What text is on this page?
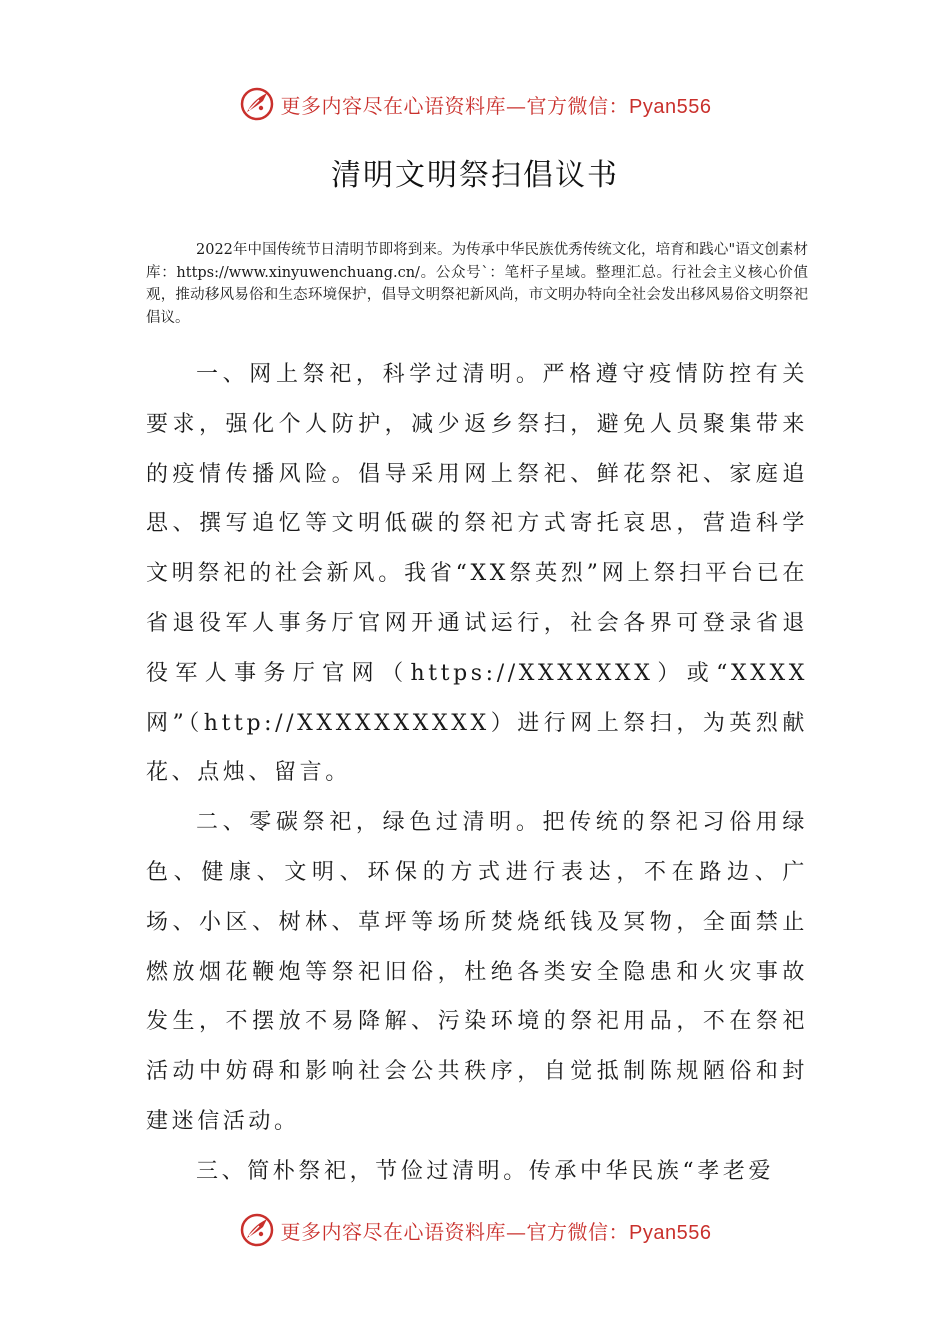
更多内容尽在心语资料库—官方微信：Pyan556
清明文明祭扫倡议书

2022年中国传统节日清明节即将到来。为传承中华民族优秀传统文化，培育和践心"语文创素材库：https://www.xinyuwenchuang.cn/。公众号`：笔杆子星域。整理汇总。行社会主义核心价值观，推动移风易俗和生态环境保护，倡导文明祭祀新风尚，市文明办特向全社会发出移风易俗文明祭祀倡议。

一、网上祭祀，科学过清明。严格遵守疫情防控有关要求，强化个人防护，减少返乡祭扫，避免人员聚集带来的疫情传播风险。倡导采用网上祭祀、鲜花祭祀、家庭追思、撰写追忆等文明低碳的祭祀方式寄托哀思，营造科学文明祭祀的社会新风。我省“XX祭英烈”网上祭扫平台已在省退役军人事务厅官网开通试运行，社会各界可登录省退役军人事务厅官网（https://XXXXXXX）或“XXXX网”（http://XXXXXXXXXX）进行网上祭扫，为英烈献花、点烛、留言。

二、零碳祭祀，绿色过清明。把传统的祭祀习俗用绿色、健康、文明、环保的方式进行表达，不在路边、广场、小区、树林、草坪等场所焚烧纸钱及冥物，全面禁止燃放烟花鞭炮等祭祀旧俗，杜绝各类安全隐患和火灾事故发生，不摆放不易降解、污染环境的祭祀用品，不在祭祀活动中妨碍和影响社会公共秩序，自觉抵制陈规陋俗和封建迷信活动。

三、简朴祭祀，节俭过清明。传承中华民族“孝老爱

更多内容尽在心语资料库—官方微信：Pyan556
